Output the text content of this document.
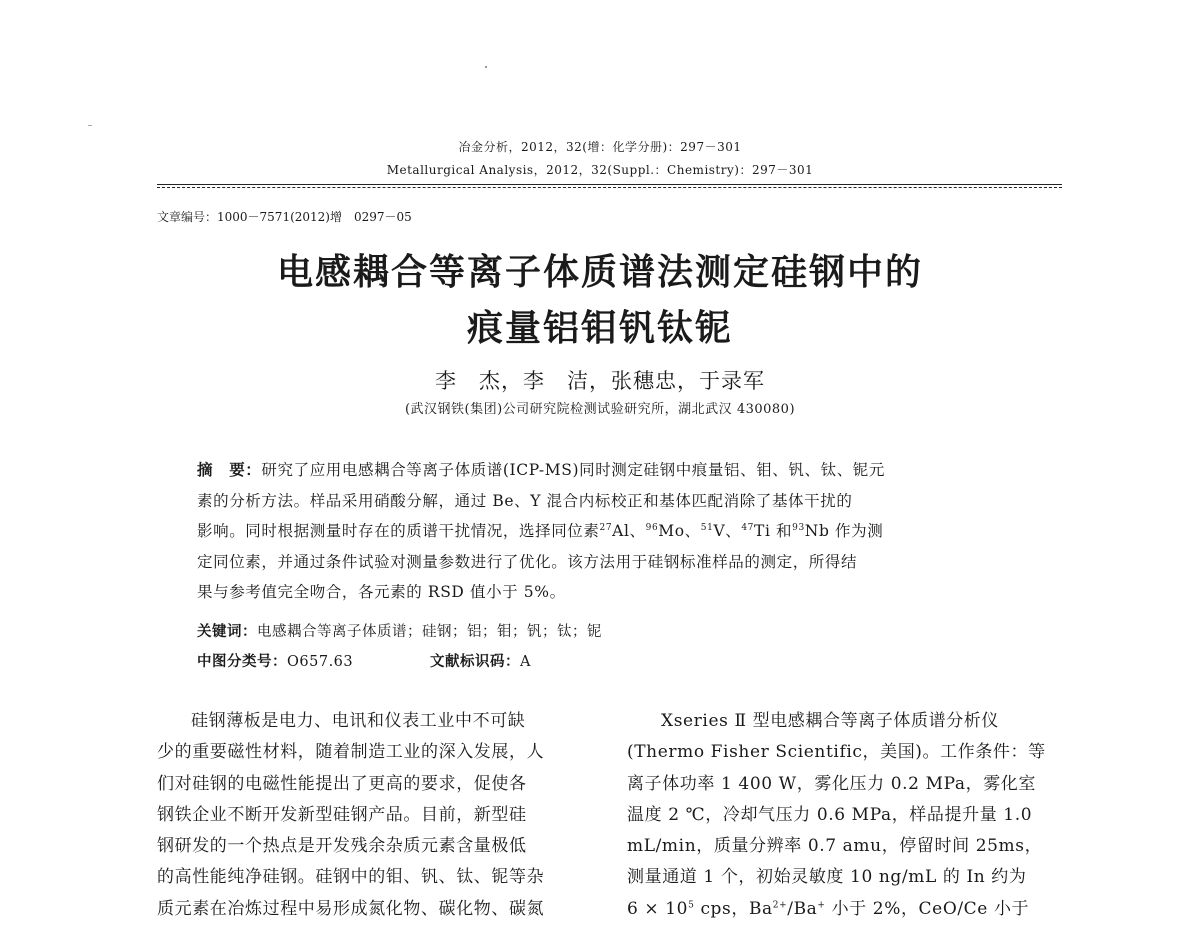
冶金分析，2012，32(增：化学分册)：297－301
Metallurgical Analysis，2012，32(Suppl.：Chemistry)：297－301
文章编号：1000－7571(2012)增　0297－05
电感耦合等离子体质谱法测定硅钢中的
痕量铝钼钒钛铌
李　杰，李　洁，张穗忠，于录军
(武汉钢铁(集团)公司研究院检测试验研究所，湖北武汉 430080)

摘　要：研究了应用电感耦合等离子体质谱(ICP-MS)同时测定硅钢中痕量铝、钼、钒、钛、铌元

素的分析方法。样品采用硝酸分解，通过 Be、Y 混合内标校正和基体匹配消除了基体干扰的

影响。同时根据测量时存在的质谱干扰情况，选择同位素$^{27}$Al、$^{96}$Mo、$^{51}$V、$^{47}$Ti 和$^{93}$Nb 作为测

定同位素，并通过条件试验对测量参数进行了优化。该方法用于硅钢标准样品的测定，所得结

果与参考值完全吻合，各元素的 RSD 值小于 5%。

关键词：电感耦合等离子体质谱；硅钢；铝；钼；钒；钛；铌
中图分类号：O657.63	文献标识码：A

硅钢薄板是电力、电讯和仪表工业中不可缺

少的重要磁性材料，随着制造工业的深入发展，人

们对硅钢的电磁性能提出了更高的要求，促使各

钢铁企业不断开发新型硅钢产品。目前，新型硅

钢研发的一个热点是开发残余杂质元素含量极低

的高性能纯净硅钢。硅钢中的钼、钒、钛、铌等杂

质元素在冶炼过程中易形成氮化物、碳化物、碳氮

Xseries Ⅱ 型电感耦合等离子体质谱分析仪

(Thermo Fisher Scientific，美国)。工作条件：等

离子体功率 1 400 W，雾化压力 0.2 MPa，雾化室

温度 2 ℃，冷却气压力 0.6 MPa，样品提升量 1.0

mL/min，质量分辨率 0.7 amu，停留时间 25ms，

测量通道 1 个，初始灵敏度 10 ng/mL 的 In 约为

$6 \times 10^5$ cps，$Ba^{2+}/Ba^+$ 小于 2%，CeO/Ce 小于
